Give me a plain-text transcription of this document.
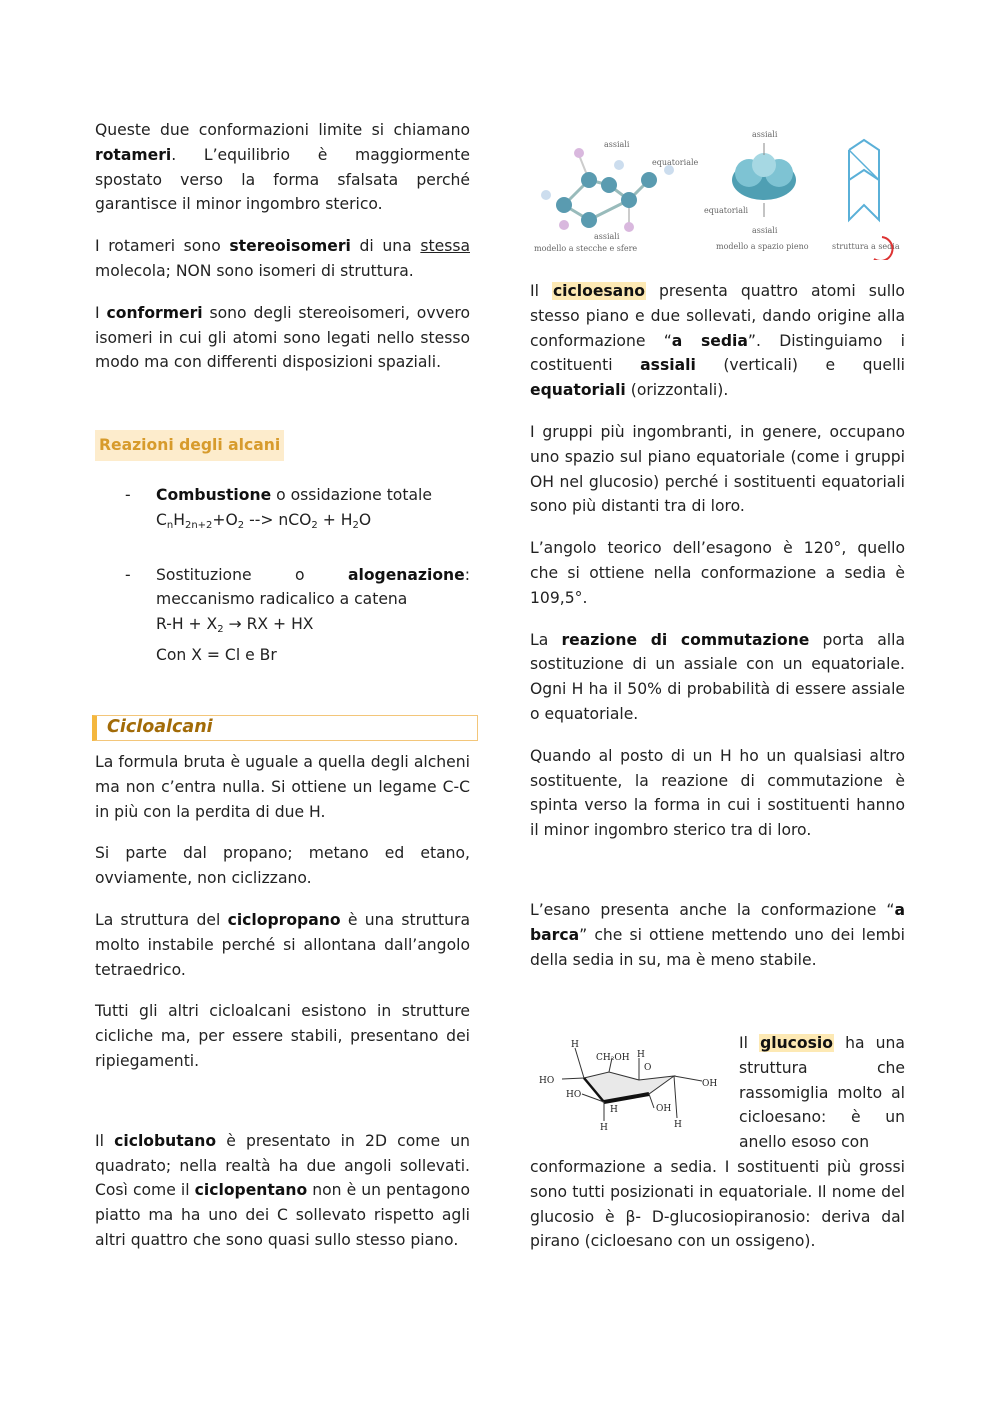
Queste due conformazioni limite si chiamano rotameri. L’equilibrio è maggiormente spostato verso la forma sfalsata perché garantisce il minor ingombro sterico.

I rotameri sono stereoisomeri di una stessa molecola; NON sono isomeri di struttura.

I conformeri sono degli stereoisomeri, ovvero isomeri in cui gli atomi sono legati nello stesso modo ma con differenti disposizioni spaziali.

Reazioni degli alcani
- Combustione o ossidazione totale
$C_nH_{2n+2}+O_2$ --> $nCO_2 + H_2O$
- Sostituzione	o	alogenazione:
meccanismo radicalico a catena
$R-H + X_2$ → RX + HX
Con X = Cl e Br
Cicloalcani

La formula bruta è uguale a quella degli alcheni ma non c’entra nulla. Si ottiene un legame C-C in più con la perdita di due H.

Si parte dal propano; metano ed etano, ovviamente, non ciclizzano.

La struttura del ciclopropano è una struttura molto instabile perché si allontana dall’angolo tetraedrico.

Tutti gli altri cicloalcani esistono in strutture cicliche ma, per essere stabili, presentano dei ripiegamenti.

Il ciclobutano è presentato in 2D come un quadrato; nella realtà ha due angoli sollevati. Così come il ciclopentano non è un pentagono piatto ma ha uno dei C sollevato rispetto agli altri quattro che sono quasi sullo stesso piano.

assiali
equatoriale
assiali
modello a stecche e sfere
assiali
equatoriali
assiali
modello a spazio pieno	struttura a sedia

Il cicloesano presenta quattro atomi sullo stesso piano e due sollevati, dando origine alla conformazione “a sedia”. Distinguiamo i costituenti assiali (verticali) e quelli equatoriali (orizzontali).

I gruppi più ingombranti, in genere, occupano uno spazio sul piano equatoriale (come i gruppi OH nel glucosio) perché i sostituenti equatoriali sono più distanti tra di loro.

L’angolo teorico dell’esagono è 120°, quello che si ottiene nella conformazione a sedia è 109,5°.

La reazione di commutazione porta alla sostituzione di un assiale con un equatoriale. Ogni H ha il 50% di probabilità di essere assiale o equatoriale.

Quando al posto di un H ho un qualsiasi altro sostituente, la reazione di commutazione è spinta verso la forma in cui i sostituenti hanno il minor ingombro sterico tra di loro.

L’esano presenta anche la conformazione “a barca” che si ottiene mettendo uno dei lembi della sedia in su, ma è meno stabile.

H
CH₂OH H
O
HO
HO
OH
H	OH
H	H

Il glucosio ha una struttura che rassomiglia molto al cicloesano: è un anello esoso con

conformazione a sedia. I sostituenti più grossi sono tutti posizionati in equatoriale. Il nome del glucosio è β- D-glucosiopiranosio: deriva dal pirano (cicloesano con un ossigeno).
